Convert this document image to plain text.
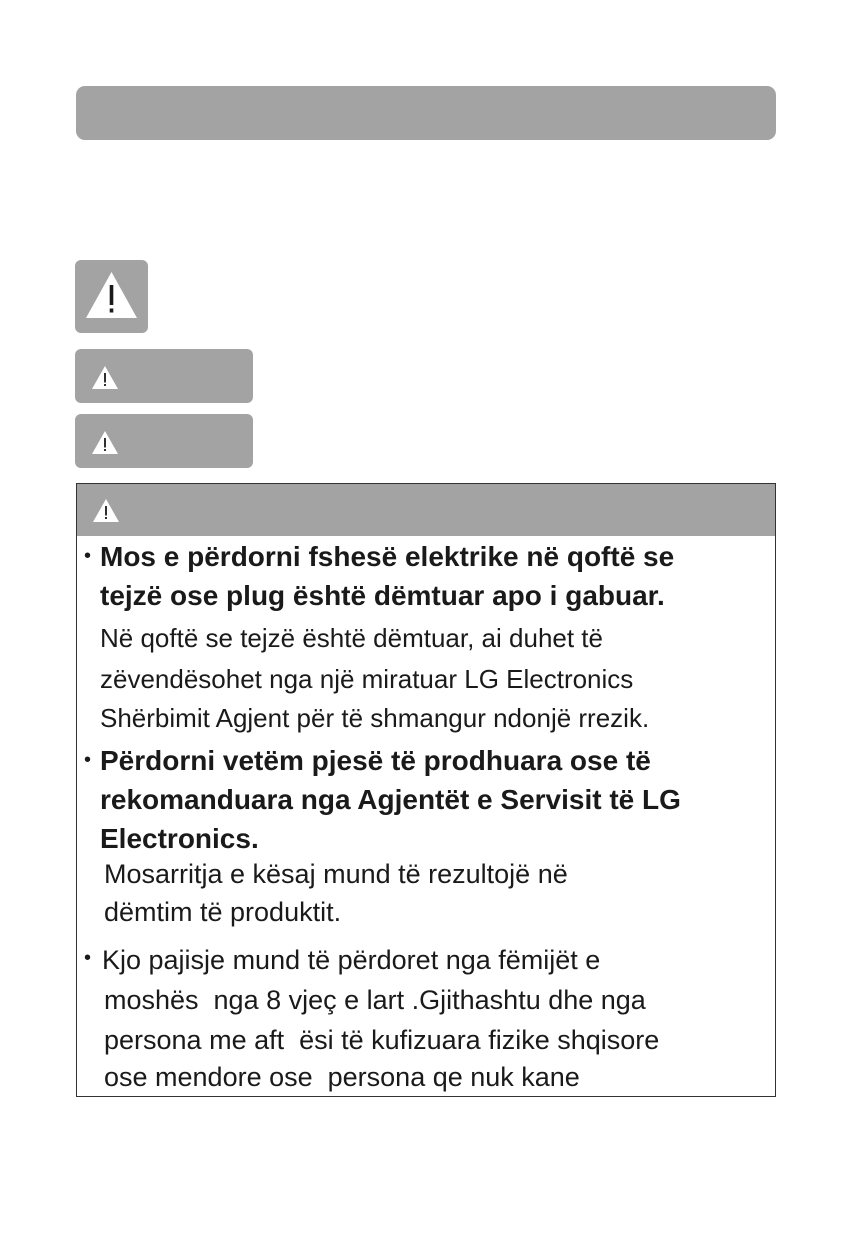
• Mos e përdorni fshesë elektrike në qoftë se

tejzë ose plug është dëmtuar apo i gabuar.

Në qoftë se tejzë është dëmtuar, ai duhet të

zëvendësohet nga një miratuar LG Electronics

Shërbimit Agjent për të shmangur ndonjë rrezik.

• Përdorni vetëm pjesë të prodhuara ose të

rekomanduara nga Agjentët e Servisit të LG

Electronics.

Mosarritja e kësaj mund të rezultojë në

dëmtim të produktit.

• Kjo pajisje mund të përdoret nga fëmijët e

moshës  nga 8 vjeç e lart .Gjithashtu dhe nga

persona me aft  ësi të kufizuara fizike shqisore

ose mendore ose  persona qe nuk kane
